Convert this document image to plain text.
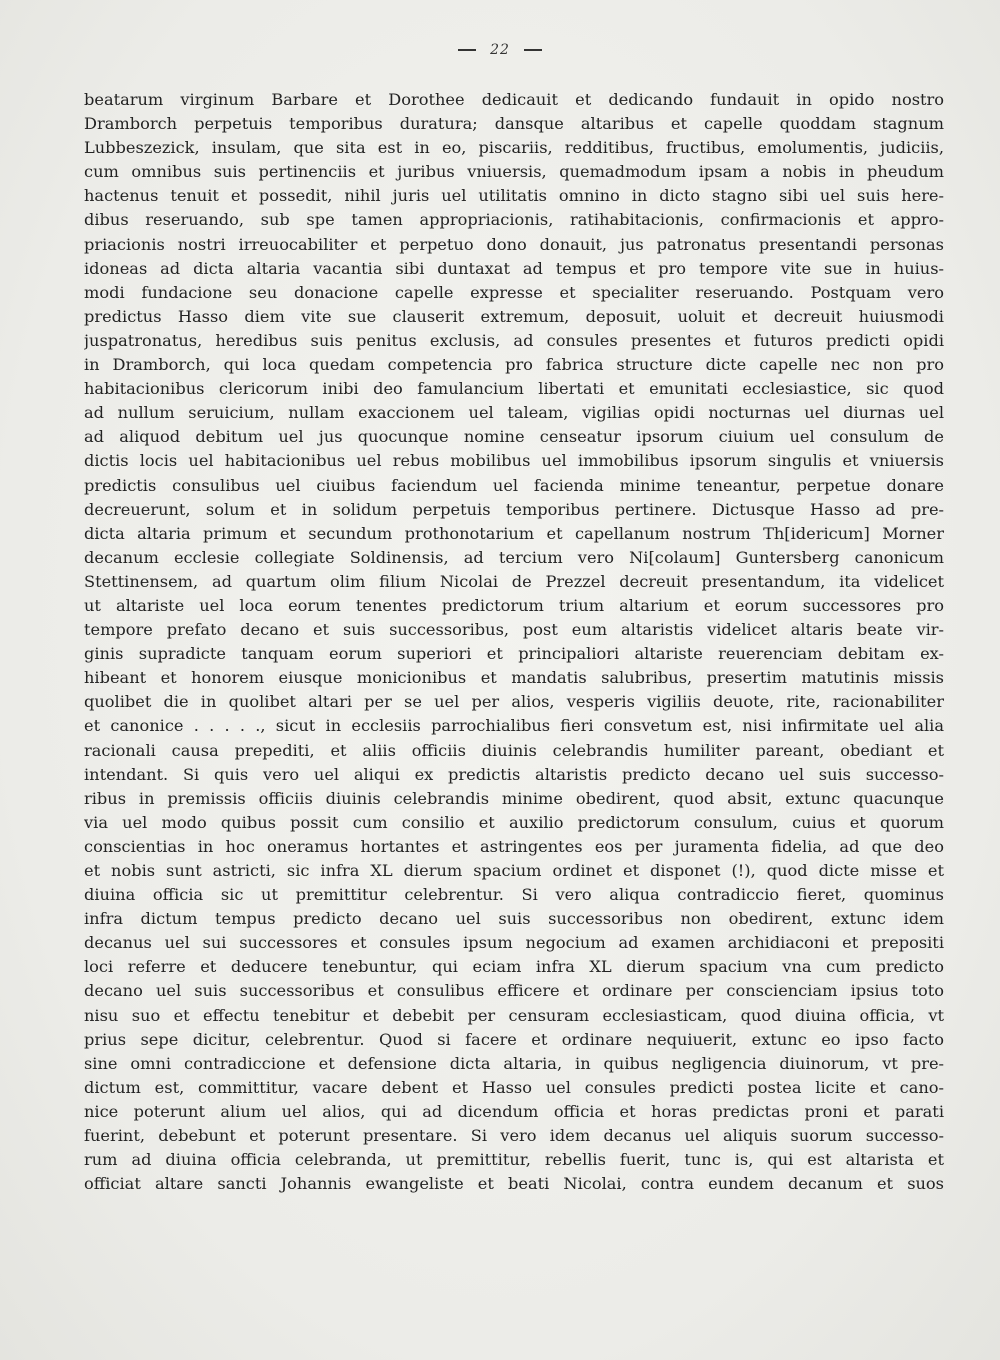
22
beatarum virginum Barbare et Dorothee dedicauit et dedicando fundauit in opido nostro
Dramborch perpetuis temporibus duratura; dansque altaribus et capelle quoddam stagnum
Lubbeszezick, insulam, que sita est in eo, piscariis, redditibus, fructibus, emolumentis, judiciis,
cum omnibus suis pertinenciis et juribus vniuersis, quemadmodum ipsam a nobis in pheudum
hactenus tenuit et possedit, nihil juris uel utilitatis omnino in dicto stagno sibi uel suis here-
dibus reseruando, sub spe tamen appropriacionis, ratihabitacionis, confirmacionis et appro-
priacionis nostri irreuocabiliter et perpetuo dono donauit, jus patronatus presentandi personas
idoneas ad dicta altaria vacantia sibi duntaxat ad tempus et pro tempore vite sue in huius-
modi fundacione seu donacione capelle expresse et specialiter reseruando. Postquam vero
predictus Hasso diem vite sue clauserit extremum, deposuit, uoluit et decreuit huiusmodi
juspatronatus, heredibus suis penitus exclusis, ad consules presentes et futuros predicti opidi
in Dramborch, qui loca quedam competencia pro fabrica structure dicte capelle nec non pro
habitacionibus clericorum inibi deo famulancium libertati et emunitati ecclesiastice, sic quod
ad nullum seruicium, nullam exaccionem uel taleam, vigilias opidi nocturnas uel diurnas uel
ad aliquod debitum uel jus quocunque nomine censeatur ipsorum ciuium uel consulum de
dictis locis uel habitacionibus uel rebus mobilibus uel immobilibus ipsorum singulis et vniuersis
predictis consulibus uel ciuibus faciendum uel facienda minime teneantur, perpetue donare
decreuerunt, solum et in solidum perpetuis temporibus pertinere. Dictusque Hasso ad pre-
dicta altaria primum et secundum prothonotarium et capellanum nostrum Th[idericum] Morner
decanum ecclesie collegiate Soldinensis, ad tercium vero Ni[colaum] Guntersberg canonicum
Stettinensem, ad quartum olim filium Nicolai de Prezzel decreuit presentandum, ita videlicet
ut altariste uel loca eorum tenentes predictorum trium altarium et eorum successores pro
tempore prefato decano et suis successoribus, post eum altaristis videlicet altaris beate vir-
ginis supradicte tanquam eorum superiori et principaliori altariste reuerenciam debitam ex-
hibeant et honorem eiusque monicionibus et mandatis salubribus, presertim matutinis missis
quolibet die in quolibet altari per se uel per alios, vesperis vigiliis deuote, rite, racionabiliter
et canonice . . . . ., sicut in ecclesiis parrochialibus fieri consvetum est, nisi infirmitate uel alia
racionali causa prepediti, et aliis officiis diuinis celebrandis humiliter pareant, obediant et
intendant. Si quis vero uel aliqui ex predictis altaristis predicto decano uel suis successo-
ribus in premissis officiis diuinis celebrandis minime obedirent, quod absit, extunc quacunque
via uel modo quibus possit cum consilio et auxilio predictorum consulum, cuius et quorum
conscientias in hoc oneramus hortantes et astringentes eos per juramenta fidelia, ad que deo
et nobis sunt astricti, sic infra XL dierum spacium ordinet et disponet (!), quod dicte misse et
diuina officia sic ut premittitur celebrentur. Si vero aliqua contradiccio fieret, quominus
infra dictum tempus predicto decano uel suis successoribus non obedirent, extunc idem
decanus uel sui successores et consules ipsum negocium ad examen archidiaconi et prepositi
loci referre et deducere tenebuntur, qui eciam infra XL dierum spacium vna cum predicto
decano uel suis successoribus et consulibus efficere et ordinare per conscienciam ipsius toto
nisu suo et effectu tenebitur et debebit per censuram ecclesiasticam, quod diuina officia, vt
prius sepe dicitur, celebrentur. Quod si facere et ordinare nequiuerit, extunc eo ipso facto
sine omni contradiccione et defensione dicta altaria, in quibus negligencia diuinorum, vt pre-
dictum est, committitur, vacare debent et Hasso uel consules predicti postea licite et cano-
nice poterunt alium uel alios, qui ad dicendum officia et horas predictas proni et parati
fuerint, debebunt et poterunt presentare. Si vero idem decanus uel aliquis suorum successo-
rum ad diuina officia celebranda, ut premittitur, rebellis fuerit, tunc is, qui est altarista et
officiat altare sancti Johannis ewangeliste et beati Nicolai, contra eundem decanum et suos
